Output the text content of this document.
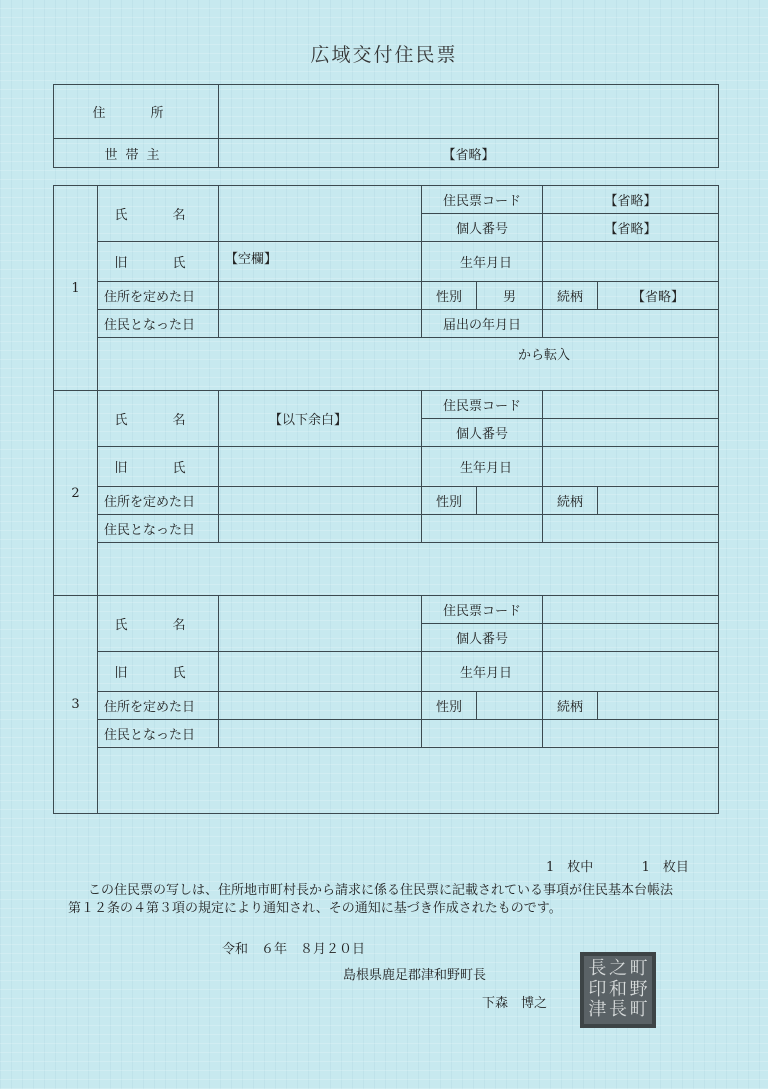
広域交付住民票
住　所	
世帯主	【省略】
1	氏　名		住民票コード		【省略】	
			個人番号		【省略】	
	旧　氏	【空欄】	生年月日			
	住所を定めた日		性別	男	続柄	【省略】
	住民となった日		届出の年月日			
	から転入					
2	氏　名	【以下余白】	住民票コード			
			個人番号			
	旧　氏		生年月日			
	住所を定めた日		性別		続柄	
	住民となった日					

3	氏　名		住民票コード			
			個人番号			
	旧　氏		生年月日			
	住所を定めた日		性別		続柄	
	住民となった日					

1　枚中	1　枚目
この住民票の写しは、住所地市町村長から請求に係る住民票に記載されている事項が住民基本台帳法
第１２条の４第３項の規定により通知され、その通知に基づき作成されたものです。
令和　６年　８月２０日
島根県鹿足郡津和野町長
下森　博之
長 之 町
印 和 野
津 長 町
